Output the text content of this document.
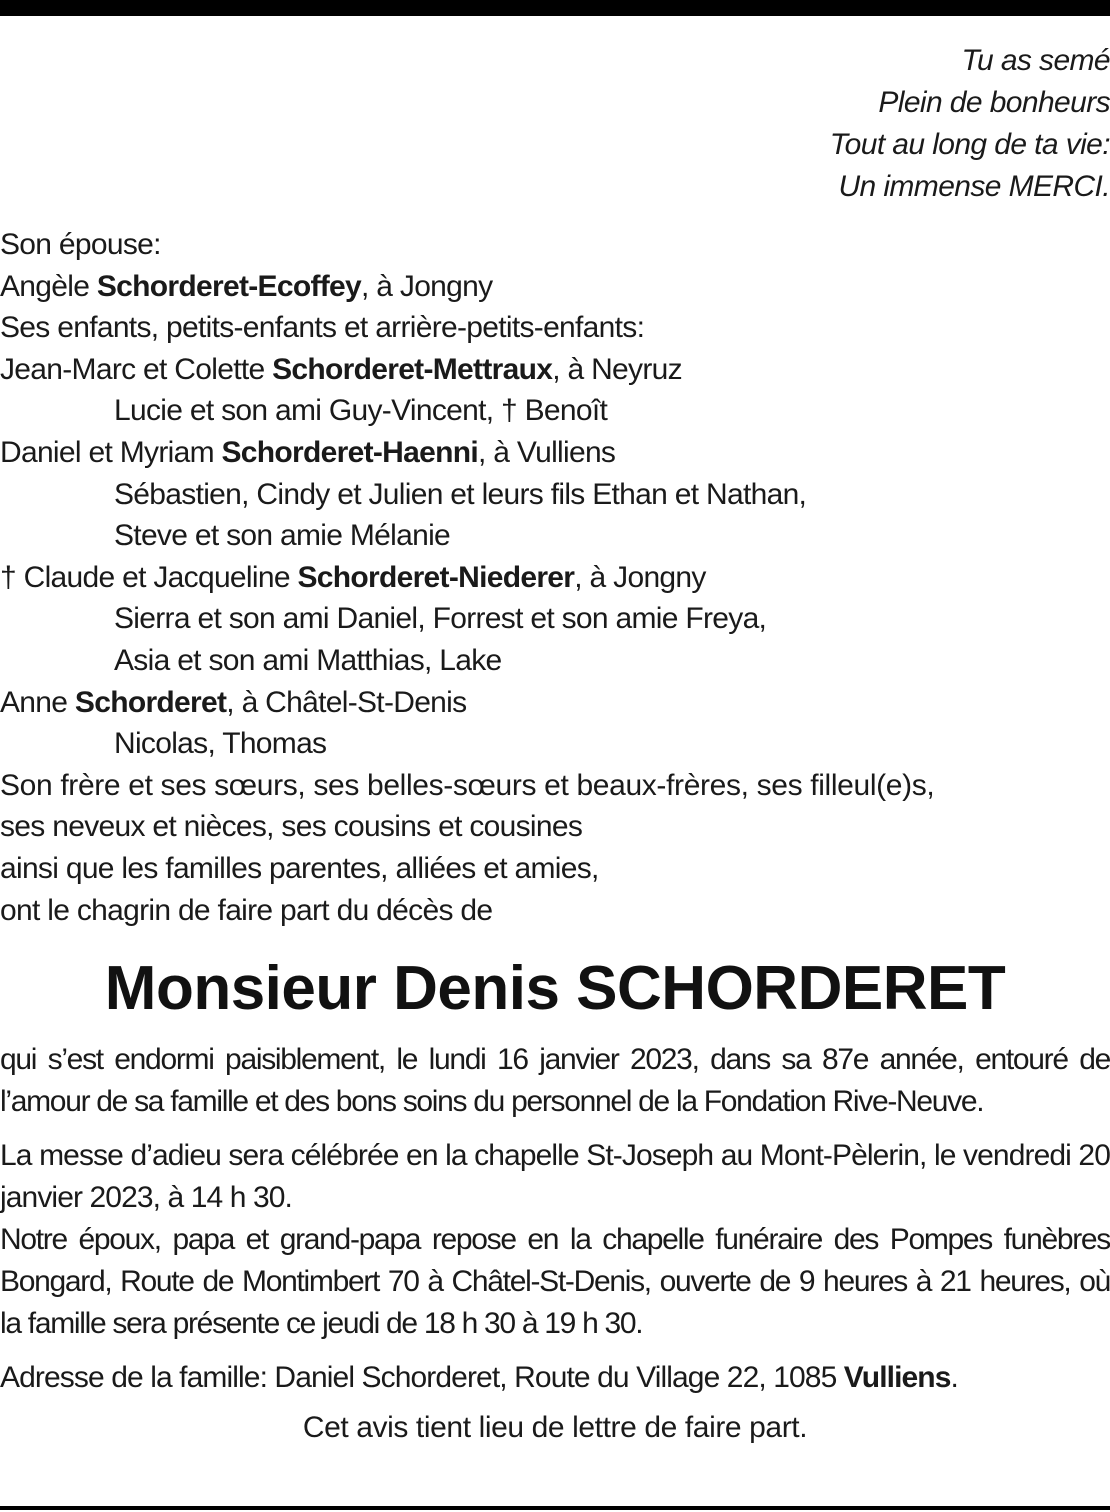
Tu as semé
Plein de bonheurs
Tout au long de ta vie:
Un immense MERCI.
Son épouse:
Angèle Schorderet-Ecoffey, à Jongny
Ses enfants, petits-enfants et arrière-petits-enfants:
Jean-Marc et Colette Schorderet-Mettraux, à Neyruz
Lucie et son ami Guy-Vincent, † Benoît
Daniel et Myriam Schorderet-Haenni, à Vulliens
Sébastien, Cindy et Julien et leurs fils Ethan et Nathan,
Steve et son amie Mélanie
† Claude et Jacqueline Schorderet-Niederer, à Jongny
Sierra et son ami Daniel, Forrest et son amie Freya,
Asia et son ami Matthias, Lake
Anne Schorderet, à Châtel-St-Denis
Nicolas, Thomas
Son frère et ses sœurs, ses belles-sœurs et beaux-frères, ses filleul(e)s,
ses neveux et nièces, ses cousins et cousines
ainsi que les familles parentes, alliées et amies,
ont le chagrin de faire part du décès de
Monsieur Denis SCHORDERET
qui s’est endormi paisiblement, le lundi 16 janvier 2023, dans sa 87e année, entouré de l’amour de sa famille et des bons soins du personnel de la Fondation Rive-Neuve.
La messe d’adieu sera célébrée en la chapelle St-Joseph au Mont-Pèlerin, le vendredi 20 janvier 2023, à 14 h 30.
Notre époux, papa et grand-papa repose en la chapelle funéraire des Pompes funèbres Bongard, Route de Montimbert 70 à Châtel-St-Denis, ouverte de 9 heures à 21 heures, où la famille sera présente ce jeudi de 18 h 30 à 19 h 30.
Adresse de la famille: Daniel Schorderet, Route du Village 22, 1085 Vulliens.
Cet avis tient lieu de lettre de faire part.
